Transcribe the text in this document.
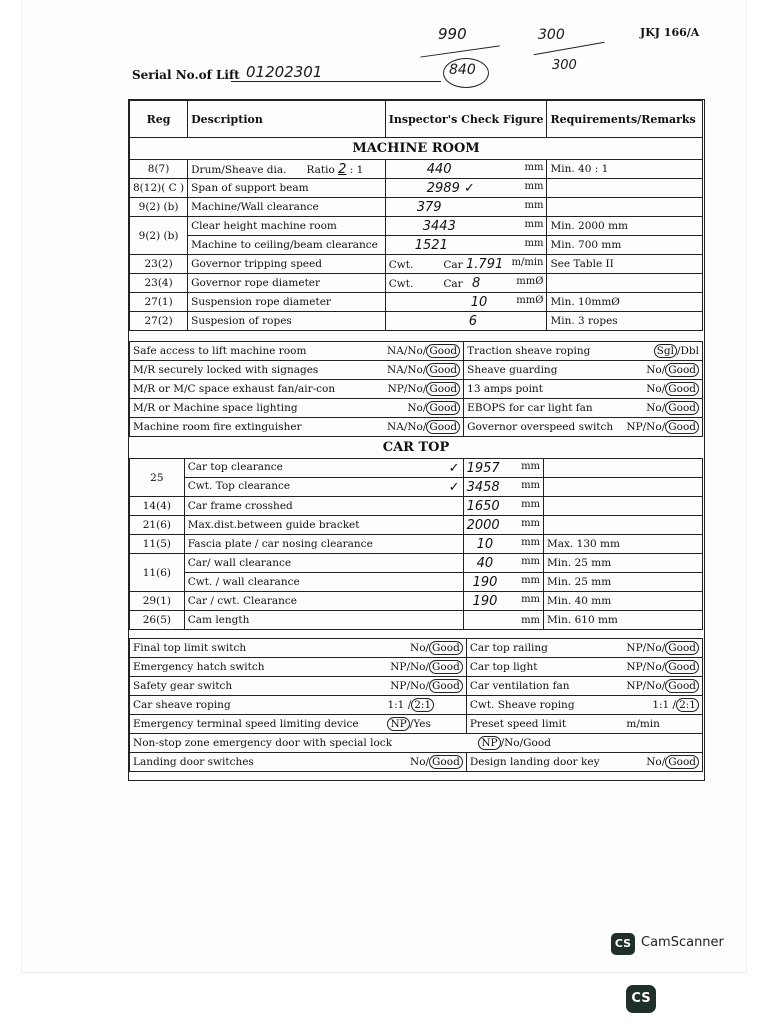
JKJ 166/A
990	300
840	300
Serial No.of Lift 01202301
Reg	Description	Inspector's Check Figure	Requirements/Remarks
MACHINE ROOM			
8(7)	Drum/Sheave dia. Ratio 2 : 1	440 mm	Min. 40 : 1
8(12)( C )	Span of support beam	2989 ✓ mm	

9(2) (b)	Machine/Wall clearance	379 mm	

9(2) (b)	Clear height machine room	3443 mm	Min. 2000 mm
	Machine to ceiling/beam clearance	1521 mm	Min. 700 mm
23(2)	Governor tripping speed	Cwt. Car 1.791 m/min	See Table II
23(4)	Governor rope diameter	Cwt. Car 8 mmØ	

27(1)	Suspension rope diameter	10 mmØ	Min. 10mmØ
27(2)	Suspesion of ropes	6	Min. 3 ropes
Safe access to lift machine room	NA/No/ Good	Traction sheave roping	Sgl /Dbl
M/R securely locked with signages	NA/No/ Good	Sheave guarding	No/ Good
M/R or M/C space exhaust fan/air-con	NP/No/ Good	13 amps point	No/ Good
M/R or Machine space lighting	No/ Good	EBOPS for car light fan	No/ Good
Machine room fire extinguisher	NA/No/ Good	Governor overspeed switch	NP/No/ Good
CAR TOP			
25	Car top clearance ✓	1957 mm	

	Cwt. Top clearance ✓	3458 mm	

14(4)	Car frame crosshed	1650 mm	

21(6)	Max.dist.between guide bracket	2000 mm	

11(5)	Fascia plate / car nosing clearance	10 mm	Max. 130 mm
11(6)	Car/ wall clearance	40 mm	Min. 25 mm
	Cwt. / wall clearance	190 mm	Min. 25 mm
29(1)	Car / cwt. Clearance	190 mm	Min. 40 mm
26(5)	Cam length	mm	Min. 610 mm
Final top limit switch	No/ Good	Car top railing	NP/No/ Good
Emergency hatch switch	NP/No/ Good	Car top light	NP/No/ Good
Safety gear switch	NP/No/ Good	Car ventilation fan	NP/No/ Good
Car sheave roping	1:1 / 2:1	Cwt. Sheave roping	1:1 / 2:1
Emergency terminal speed limiting device	NP /Yes	Preset speed limit	m/min
Non-stop zone emergency door with special lock		NP /No/Good	
Landing door switches	No/ Good	Design landing door key	No/ Good
CS CamScanner
CS
